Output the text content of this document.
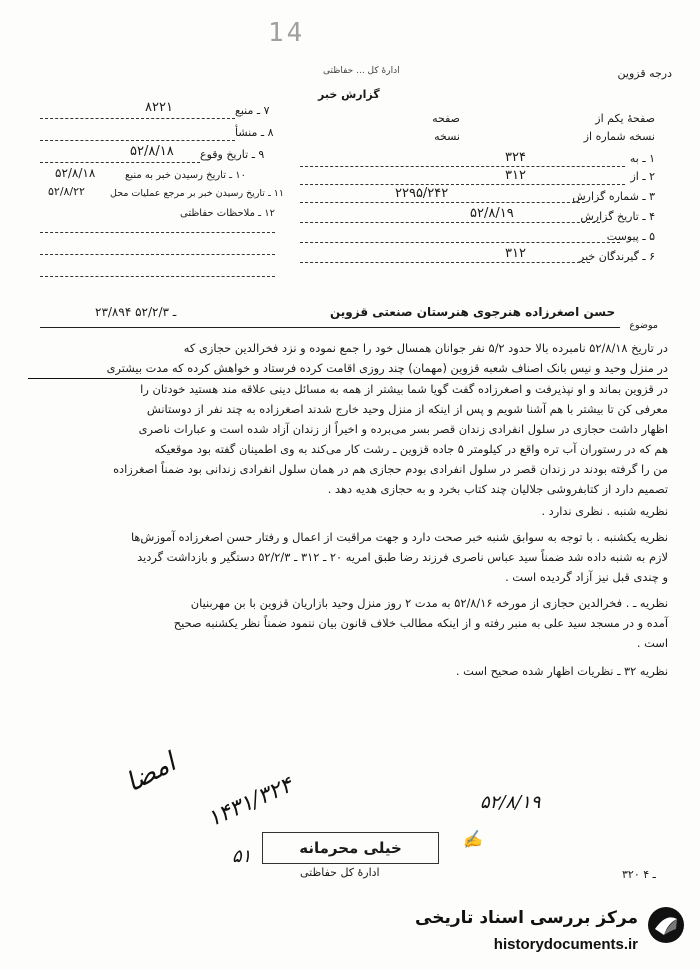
14
ادارهٔ کل ... حفاظتی	درجه قزوین
گزارش خبر
صفحهٔ یکم از
صفحه
نسخه شماره از
نسخه
۱ ـ به
۳۲۴
۲ ـ از
۳۱۲
۳ ـ شماره گزارش
۲۲۹۵/۲۴۲
۴ ـ تاریخ گزارش
۵۲/۸/۱۹
۵ ـ پیوست
۶ ـ گیرندگان خبر
۳۱۲
۷ ـ منبع
۸۲۲۱
۸ ـ منشأ
۹ ـ تاریخ وقوع
۵۲/۸/۱۸
۱۰ ـ تاریخ رسیدن خبر به منبع
۵۲/۸/۱۸
۱۱ ـ تاریخ رسیدن خبر بر مرجع عملیات محل
۵۲/۸/۲۲
۱۲ ـ ملاحظات حفاظتی
موضوع
حسن اصغرزاده هنرجوی هنرستان صنعتی قزوین
۲۳/۸۹۴ ـ ۵۲/۲/۳
در تاریخ ۵۲/۸/۱۸ نامبرده بالا حدود ۵/۲ نفر جوانان همسال خود را جمع نموده و نزد فخرالدین حجازی که
در منزل وحید و نیس بانک اصناف شعبه قزوین (مهمان) چند روزی اقامت کرده فرستاد و خواهش کرده که مدت بیشتری
در قزوین بماند و او نپذیرفت و اصغرزاده گفت گویا شما بیشتر از همه به مسائل دینی علاقه مند هستید خودتان را
معرفی کن تا بیشتر با هم آشنا شویم و پس از اینکه از منزل وحید خارج شدند اصغرزاده به چند نفر از دوستانش
اظهار داشت حجازی در سلول انفرادی زندان قصر بسر می‌برده و اخیراً از زندان آزاد شده است و عبارات ناصری
هم که در رستوران آب تره واقع در کیلومتر ۵ جاده قزوین ـ رشت کار می‌کند به وی اطمینان گفته بود موقعیکه
من را گرفته بودند در زندان قصر در سلول انفرادی بودم حجازی هم در همان سلول انفرادی زندانی بود ضمناً اصغرزاده
تصمیم دارد از کتابفروشی جلالیان چند کتاب بخرد و به حجازی هدیه دهد .
نظریه شنبه . نظری ندارد .
نظریه یکشنبه . با توجه به سوابق شنبه خبر صحت دارد و جهت مراقبت از اعمال و رفتار حسن اصغرزاده آموزش‌ها
لازم به شنبه داده شد ضمناً سید عباس ناصری فرزند رضا طبق امریه ۲۰ ـ ۳۱۲ ـ ۵۲/۲/۳ دستگیر و بازداشت گردید
و چندی قبل نیز آزاد گردیده است .
نظریه ـ . فخرالدین حجازی از مورخه ۵۲/۸/۱۶ به مدت ۲ روز منزل وحید بازاریان قزوین با بن مهربنیان
آمده و در مسجد سید علی به منبر رفته و از اینکه مطالب خلاف قانون بیان ننمود ضمناً نظر یکشنبه صحیح
است .
نظریه ۳۲ ـ نظریات اظهار شده صحیح است .
امضا ۱۴۳۱/۳۲۴	۵۲/۸/۱۹
خیلی محرمانه
ادارهٔ کل حفاظتی
۵۱
✍
۳۲۰ ـ ۴
مرکز بررسی اسناد تاریخی
historydocuments.ir
